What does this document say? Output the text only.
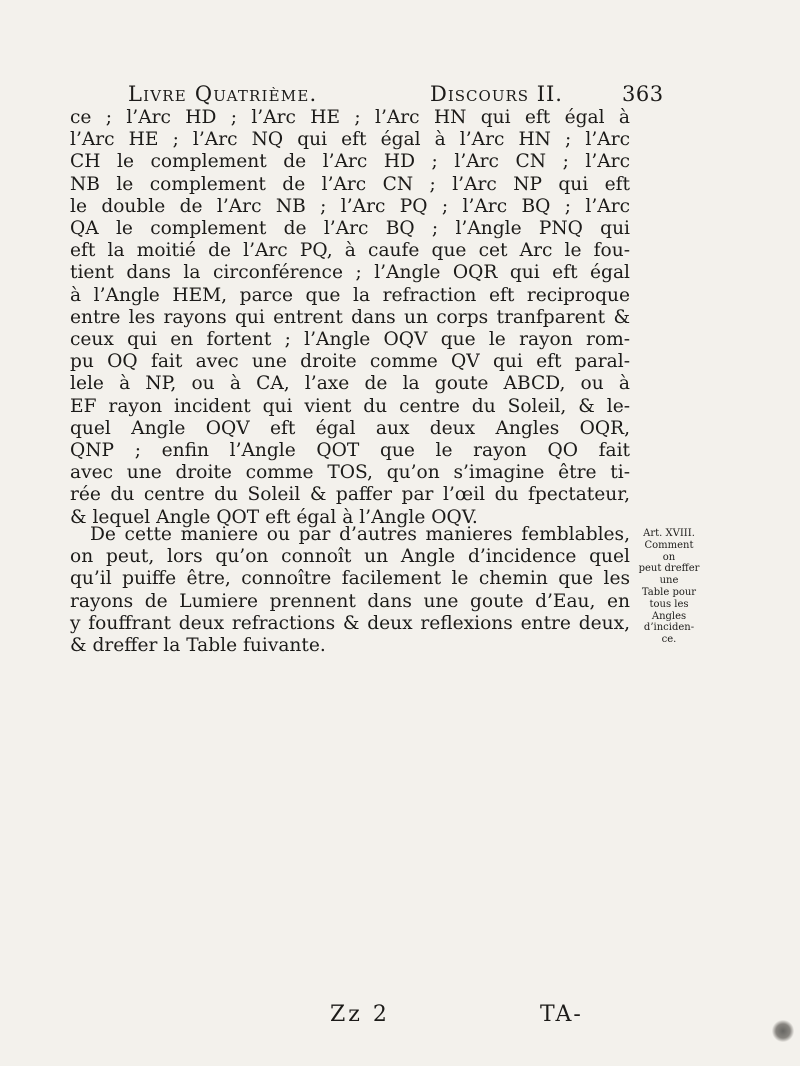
Livre Quatrième.	Discours II.	363
ce ; l’Arc HD ; l’Arc HE ; l’Arc HN qui eft égal à
l’Arc HE ; l’Arc NQ qui eft égal à l’Arc HN ; l’Arc
CH le complement de l’Arc HD ; l’Arc CN ; l’Arc
NB le complement de l’Arc CN ; l’Arc NP qui eft
le double de l’Arc NB ; l’Arc PQ ; l’Arc BQ ; l’Arc
QA le complement de l’Arc BQ ; l’Angle PNQ qui
eft la moitié de l’Arc PQ, à caufe que cet Arc le fou-
tient dans la circonférence ; l’Angle OQR qui eft égal
à l’Angle HEM, parce que la refraction eft reciproque
entre les rayons qui entrent dans un corps tranfparent &
ceux qui en fortent ; l’Angle OQV que le rayon rom-
pu OQ fait avec une droite comme QV qui eft paral-
lele à NP, ou à CA, l’axe de la goute ABCD, ou à
EF rayon incident qui vient du centre du Soleil, & le-
quel Angle OQV eft égal aux deux Angles OQR,
QNP ; enfin l’Angle QOT que le rayon QO fait
avec une droite comme TOS, qu’on s’imagine être ti-
rée du centre du Soleil & paffer par l’œil du fpectateur,
& lequel Angle QOT eft égal à l’Angle OQV.
De cette maniere ou par d’autres manieres femblables,
on peut, lors qu’on connoît un Angle d’incidence quel
qu’il puiffe être, connoître facilement le chemin que les
rayons de Lumiere prennent dans une goute d’Eau, en
y fouffrant deux refractions & deux reflexions entre deux,
& dreffer la Table fuivante.
Art. XVIII.
Comment on
peut dreffer une
Table pour tous les
Angles d’inciden-
ce.
Zz 2	TA-
